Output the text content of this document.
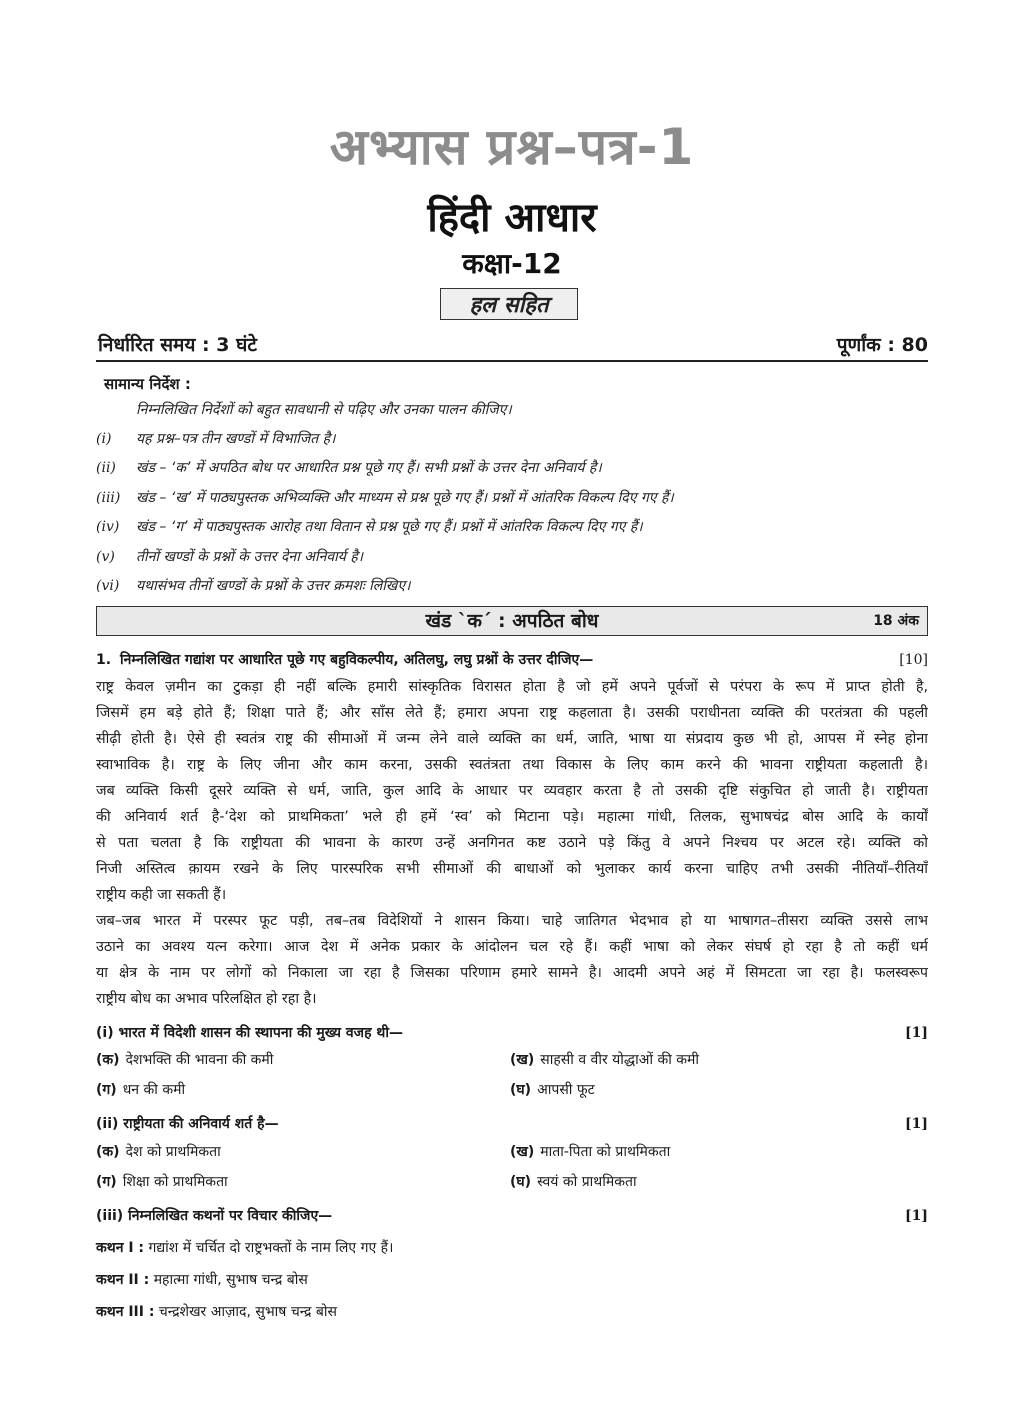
अभ्यास प्रश्न–पत्र-1
हिंदी आधार
कक्षा-12
हल सहित
निर्धारित समय : 3 घंटे	पूर्णांक : 80
सामान्य निर्देश :
निम्नलिखित निर्देशों को बहुत सावधानी से पढ़िए और उनका पालन कीजिए।
(i)	यह प्रश्न–पत्र तीन खण्डों में विभाजित है।
(ii)	खंड – ‘क’ में अपठित बोध पर आधारित प्रश्न पूछे गए हैं। सभी प्रश्नों के उत्तर देना अनिवार्य है।
(iii)	खंड – ‘ख’ में पाठ्यपुस्तक अभिव्यक्ति और माध्यम से प्रश्न पूछे गए हैं। प्रश्नों में आंतरिक विकल्प दिए गए हैं।
(iv)	खंड – ‘ग’ में पाठ्यपुस्तक आरोह तथा वितान से प्रश्न पूछे गए हैं। प्रश्नों में आंतरिक विकल्प दिए गए हैं।
(v)	तीनों खण्डों के प्रश्नों के उत्तर देना अनिवार्य है।
(vi)	यथासंभव तीनों खण्डों के प्रश्नों के उत्तर क्रमशः लिखिए।
खंड `क´ : अपठित बोध	18 अंक
1. निम्नलिखित गद्यांश पर आधारित पूछे गए बहुविकल्पीय, अतिलघु, लघु प्रश्नों के उत्तर दीजिए—	[10]
राष्ट्र केवल ज़मीन का टुकड़ा ही नहीं बल्कि हमारी सांस्कृतिक विरासत होता है जो हमें अपने पूर्वजों से परंपरा के रूप में प्राप्त होती है,
जिसमें हम बड़े होते हैं; शिक्षा पाते हैं; और साँस लेते हैं; हमारा अपना राष्ट्र कहलाता है। उसकी पराधीनता व्यक्ति की परतंत्रता की पहली
सीढ़ी होती है। ऐसे ही स्वतंत्र राष्ट्र की सीमाओं में जन्म लेने वाले व्यक्ति का धर्म, जाति, भाषा या संप्रदाय कुछ भी हो, आपस में स्नेह होना
स्वाभाविक है। राष्ट्र के लिए जीना और काम करना, उसकी स्वतंत्रता तथा विकास के लिए काम करने की भावना राष्ट्रीयता कहलाती है।
जब व्यक्ति किसी दूसरे व्यक्ति से धर्म, जाति, कुल आदि के आधार पर व्यवहार करता है तो उसकी दृष्टि संकुचित हो जाती है। राष्ट्रीयता
की अनिवार्य शर्त है-‘देश को प्राथमिकता’ भले ही हमें ‘स्व’ को मिटाना पड़े। महात्मा गांधी, तिलक, सुभाषचंद्र बोस आदि के कार्यों
से पता चलता है कि राष्ट्रीयता की भावना के कारण उन्हें अनगिनत कष्ट उठाने पड़े किंतु वे अपने निश्चय पर अटल रहे। व्यक्ति को
निजी अस्तित्व क़ायम रखने के लिए पारस्परिक सभी सीमाओं की बाधाओं को भुलाकर कार्य करना चाहिए तभी उसकी नीतियाँ–रीतियाँ
राष्ट्रीय कही जा सकती हैं।
जब–जब भारत में परस्पर फूट पड़ी, तब–तब विदेशियों ने शासन किया। चाहे जातिगत भेदभाव हो या भाषागत–तीसरा व्यक्ति उससे लाभ
उठाने का अवश्य यत्न करेगा। आज देश में अनेक प्रकार के आंदोलन चल रहे हैं। कहीं भाषा को लेकर संघर्ष हो रहा है तो कहीं धर्म
या क्षेत्र के नाम पर लोगों को निकाला जा रहा है जिसका परिणाम हमारे सामने है। आदमी अपने अहं में सिमटता जा रहा है। फलस्वरूप
राष्ट्रीय बोध का अभाव परिलक्षित हो रहा है।
(i) भारत में विदेशी शासन की स्थापना की मुख्य वजह थी—	[1]
(क) देशभक्ति की भावना की कमी	(ख) साहसी व वीर योद्धाओं की कमी
(ग) धन की कमी	(घ) आपसी फूट
(ii) राष्ट्रीयता की अनिवार्य शर्त है—	[1]
(क) देश को प्राथमिकता	(ख) माता-पिता को प्राथमिकता
(ग) शिक्षा को प्राथमिकता	(घ) स्वयं को प्राथमिकता
(iii) निम्नलिखित कथनों पर विचार कीजिए—	[1]
कथन I : गद्यांश में चर्चित दो राष्ट्रभक्तों के नाम लिए गए हैं।
कथन II : महात्मा गांधी, सुभाष चन्द्र बोस
कथन III : चन्द्रशेखर आज़ाद, सुभाष चन्द्र बोस
